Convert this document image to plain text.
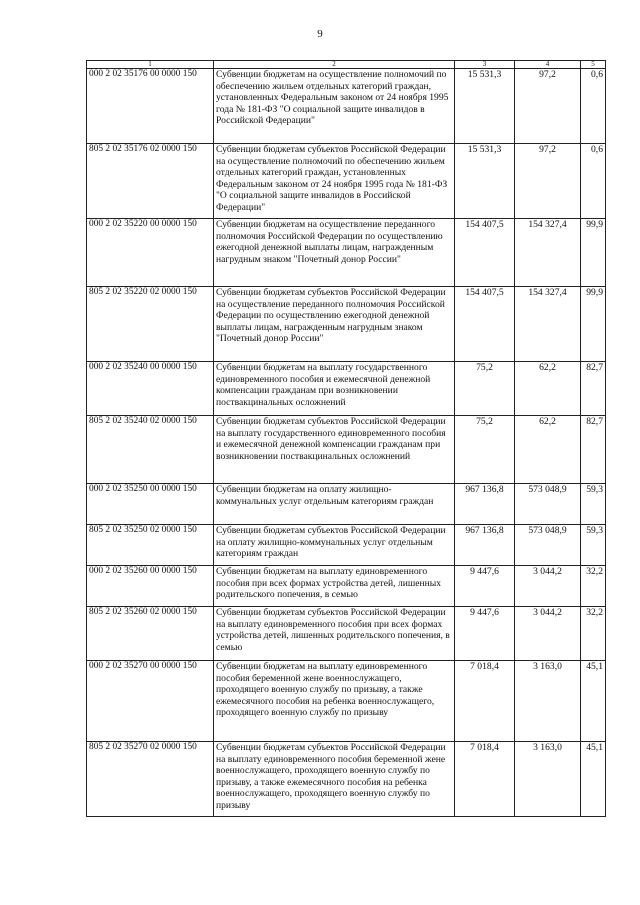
9
1	2	3	4	5
000 2 02 35176 00 0000 150	Субвенции бюджетам на осуществление полномочий по обеспечению жильем отдельных категорий граждан, установленных Федеральным законом от 24 ноября 1995 года № 181-ФЗ "О социальной защите инвалидов в Российской Федерации"	15 531,3	97,2	0,6
805 2 02 35176 02 0000 150	Субвенции бюджетам субъектов Российской Федерации на осуществление полномочий по обеспечению жильем отдельных категорий граждан, установленных Федеральным законом от 24 ноября 1995 года № 181-ФЗ "О социальной защите инвалидов в Российской Федерации"	15 531,3	97,2	0,6
000 2 02 35220 00 0000 150	Субвенции бюджетам на осуществление переданного полномочия Российской Федерации по осуществлению ежегодной денежной выплаты лицам, награжденным нагрудным знаком "Почетный донор России"	154 407,5	154 327,4	99,9
805 2 02 35220 02 0000 150	Субвенции бюджетам субъектов Российской Федерации на осуществление переданного полномочия Российской Федерации по осуществлению ежегодной денежной выплаты лицам, награжденным нагрудным знаком "Почетный донор России"	154 407,5	154 327,4	99,9
000 2 02 35240 00 0000 150	Субвенции бюджетам на выплату государственного единовременного пособия и ежемесячной денежной компенсации гражданам при возникновении поствакцинальных осложнений	75,2	62,2	82,7
805 2 02 35240 02 0000 150	Субвенции бюджетам субъектов Российской Федерации на выплату государственного единовременного пособия и ежемесячной денежной компенсации гражданам при возникновении поствакцинальных осложнений	75,2	62,2	82,7
000 2 02 35250 00 0000 150	Субвенции бюджетам на оплату жилищно-коммунальных услуг отдельным категориям граждан	967 136,8	573 048,9	59,3
805 2 02 35250 02 0000 150	Субвенции бюджетам субъектов Российской Федерации на оплату жилищно-коммунальных услуг отдельным категориям граждан	967 136,8	573 048,9	59,3
000 2 02 35260 00 0000 150	Субвенции бюджетам на выплату единовременного пособия при всех формах устройства детей, лишенных родительского попечения, в семью	9 447,6	3 044,2	32,2
805 2 02 35260 02 0000 150	Субвенции бюджетам субъектов Российской Федерации на выплату единовременного пособия при всех формах устройства детей, лишенных родительского попечения, в семью	9 447,6	3 044,2	32,2
000 2 02 35270 00 0000 150	Субвенции бюджетам на выплату единовременного пособия беременной жене военнослужащего, проходящего военную службу по призыву, а также ежемесячного пособия на ребенка военнослужащего, проходящего военную службу по призыву	7 018,4	3 163,0	45,1
805 2 02 35270 02 0000 150	Субвенции бюджетам субъектов Российской Федерации на выплату единовременного пособия беременной жене военнослужащего, проходящего военную службу по призыву, а также ежемесячного пособия на ребенка военнослужащего, проходящего военную службу по призыву	7 018,4	3 163,0	45,1
